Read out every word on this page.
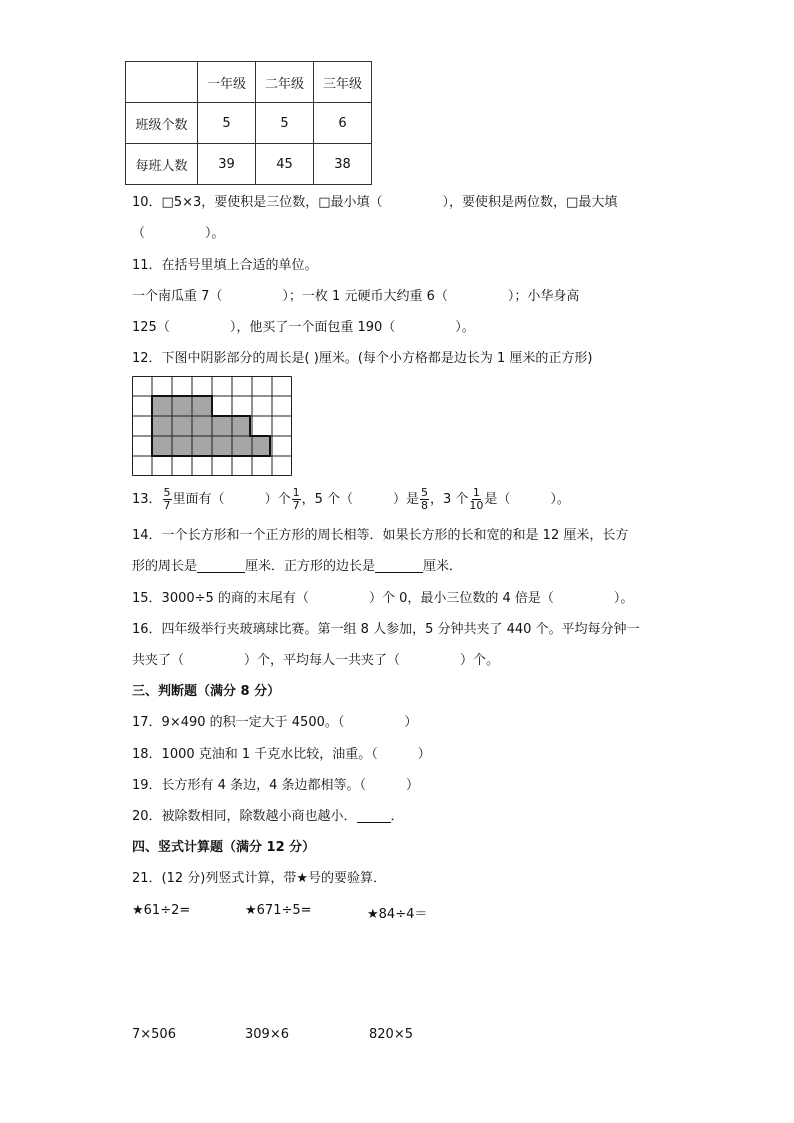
	一年级	二年级	三年级
班级个数	5	5	6
每班人数	39	45	38
10．□5×3，要使积是三位数，□最小填（	），要使积是两位数，□最大填
（	）。
11．在括号里填上合适的单位。
一个南瓜重 7（	）；一枚 1 元硬币大约重 6（	）；小华身高
125（	），他买了一个面包重 190（	）。
12．下图中阴影部分的周长是( )厘米。(每个小方格都是边长为 1 厘米的正方形)
13． $\frac{5}{7}$ 里面有（	）个 $\frac{1}{7}$ ，5 个（	）是 $\frac{5}{8}$ ，3 个 $\frac{1}{10}$ 是（	）。
14．一个长方形和一个正方形的周长相等．如果长方形的长和宽的和是 12 厘米，长方
形的周长是	厘米．正方形的边长是	厘米．
15．3000÷5 的商的末尾有（	）个 0，最小三位数的 4 倍是（	）。
16．四年级举行夹玻璃球比赛。第一组 8 人参加，5 分钟共夹了 440 个。平均每分钟一
共夹了（	）个，平均每人一共夹了（	）个。
三、判断题（满分 8 分）
17．9×490 的积一定大于 4500。（	）
18．1000 克油和 1 千克水比较，油重。（	）
19．长方形有 4 条边，4 条边都相等。（	）
20．被除数相同，除数越小商也越小．	．
四、竖式计算题（满分 12 分）
21．(12 分)列竖式计算，带★号的要验算．
★61÷2=	★671÷5=	★84÷4＝
7×506	309×6	820×5
